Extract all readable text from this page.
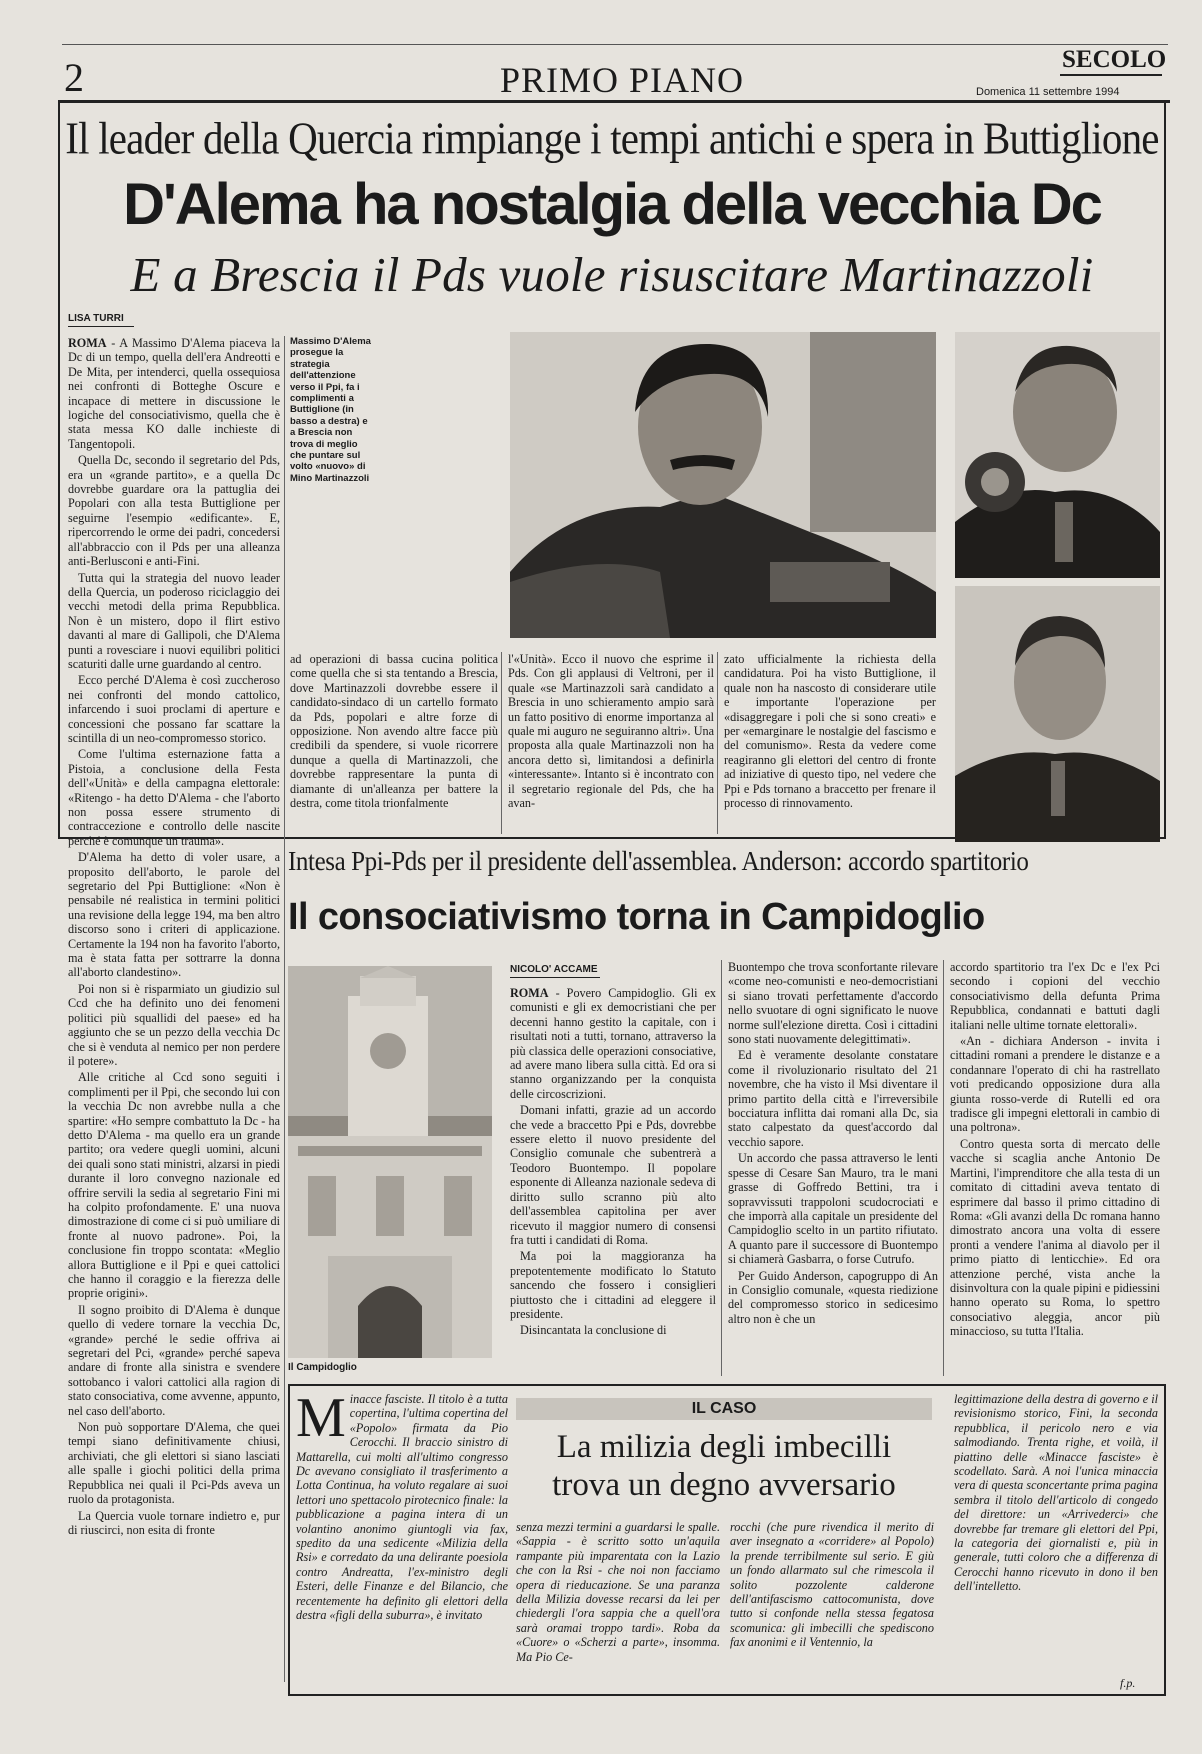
2	PRIMO PIANO
SECOLO
Domenica 11 settembre 1994
Il leader della Quercia rimpiange i tempi antichi e spera in Buttiglione
D'Alema ha nostalgia della vecchia Dc
E a Brescia il Pds vuole risuscitare Martinazzoli
LISA TURRI

ROMA - A Massimo D'Alema piaceva la Dc di un tempo, quella dell'era Andreotti e De Mita, per intenderci, quella ossequiosa nei confronti di Botteghe Oscure e incapace di mettere in discussione le logiche del consociativismo, quella che è stata messa KO dalle inchieste di Tangentopoli.

Quella Dc, secondo il segretario del Pds, era un «grande partito», e a quella Dc dovrebbe guardare ora la pattuglia dei Popolari con alla testa Buttiglione per seguirne l'esempio «edificante». E, ripercorrendo le orme dei padri, concedersi all'abbraccio con il Pds per una alleanza anti-Berlusconi e anti-Fini.

Tutta qui la strategia del nuovo leader della Quercia, un poderoso riciclaggio dei vecchi metodi della prima Repubblica. Non è un mistero, dopo il flirt estivo davanti al mare di Gallipoli, che D'Alema punti a rovesciare i nuovi equilibri politici scaturiti dalle urne guardando al centro.

Ecco perché D'Alema è così zuccheroso nei confronti del mondo cattolico, infarcendo i suoi proclami di aperture e concessioni che possano far scattare la scintilla di un neo-compromesso storico.

Come l'ultima esternazione fatta a Pistoia, a conclusione della Festa dell'«Unità» e della campagna elettorale: «Ritengo - ha detto D'Alema - che l'aborto non possa essere strumento di contraccezione e controllo delle nascite perché è comunque un trauma».

D'Alema ha detto di voler usare, a proposito dell'aborto, le parole del segretario del Ppi Buttiglione: «Non è pensabile né realistica in termini politici una revisione della legge 194, ma ben altro discorso sono i criteri di applicazione. Certamente la 194 non ha favorito l'aborto, ma è stata fatta per sottrarre la donna all'aborto clandestino».

Poi non si è risparmiato un giudizio sul Ccd che ha definito uno dei fenomeni politici più squallidi del paese» ed ha aggiunto che se un pezzo della vecchia Dc che si è venduta al nemico per non perdere il potere».

Alle critiche al Ccd sono seguiti i complimenti per il Ppi, che secondo lui con la vecchia Dc non avrebbe nulla a che spartire: «Ho sempre combattuto la Dc - ha detto D'Alema - ma quello era un grande partito; ora vedere quegli uomini, alcuni dei quali sono stati ministri, alzarsi in piedi durante il loro convegno nazionale ed offrire servili la sedia al segretario Fini mi ha colpito profondamente. E' una nuova dimostrazione di come ci si può umiliare di fronte al nuovo padrone». Poi, la conclusione fin troppo scontata: «Meglio allora Buttiglione e il Ppi e quei cattolici che hanno il coraggio e la fierezza delle proprie origini».

Il sogno proibito di D'Alema è dunque quello di vedere tornare la vecchia Dc, «grande» perché le sedie offriva ai segretari del Pci, «grande» perché sapeva andare di fronte alla sinistra e svendere sottobanco i valori cattolici alla ragion di stato consociativa, come avvenne, appunto, nel caso dell'aborto.

Non può sopportare D'Alema, che quei tempi siano definitivamente chiusi, archiviati, che gli elettori si siano lasciati alle spalle i giochi politici della prima Repubblica nei quali il Pci-Pds aveva un ruolo da protagonista.

La Quercia vuole tornare indietro e, pur di riuscirci, non esita di fronte

Massimo D'Alema prosegue la strategia dell'attenzione verso il Ppi, fa i complimenti a Buttiglione (in basso a destra) e a Brescia non trova di meglio che puntare sul volto «nuovo» di Mino Martinazzoli
ad operazioni di bassa cucina politica come quella che si sta tentando a Brescia, dove Martinazzoli dovrebbe essere il candidato-sindaco di un cartello formato da Pds, popolari e altre forze di opposizione. Non avendo altre facce più credibili da spendere, si vuole ricorrere dunque a quella di Martinazzoli, che dovrebbe rappresentare la punta di diamante di un'alleanza per battere la destra, come titola trionfalmente
l'«Unità». Ecco il nuovo che esprime il Pds. Con gli applausi di Veltroni, per il quale «se Martinazzoli sarà candidato a Brescia in uno schieramento ampio sarà un fatto positivo di enorme importanza al quale mi auguro ne seguiranno altri». Una proposta alla quale Martinazzoli non ha ancora detto sì, limitandosi a definirla «interessante». Intanto si è incontrato con il segretario regionale del Pds, che ha avan-
zato ufficialmente la richiesta della candidatura. Poi ha visto Buttiglione, il quale non ha nascosto di considerare utile e importante l'operazione per «disaggregare i poli che si sono creati» e per «emarginare le nostalgie del fascismo e del comunismo». Resta da vedere come reagiranno gli elettori del centro di fronte ad iniziative di questo tipo, nel vedere che Ppi e Pds tornano a braccetto per frenare il processo di rinnovamento.
Intesa Ppi-Pds per il presidente dell'assemblea. Anderson: accordo spartitorio
Il consociativismo torna in Campidoglio
Il Campidoglio
NICOLO' ACCAME

ROMA - Povero Campidoglio. Gli ex comunisti e gli ex democristiani che per decenni hanno gestito la capitale, con i risultati noti a tutti, tornano, attraverso la più classica delle operazioni consociative, ad avere mano libera sulla città. Ed ora si stanno organizzando per la conquista delle circoscrizioni.

Domani infatti, grazie ad un accordo che vede a braccetto Ppi e Pds, dovrebbe essere eletto il nuovo presidente del Consiglio comunale che subentrerà a Teodoro Buontempo. Il popolare esponente di Alleanza nazionale sedeva di diritto sullo scranno più alto dell'assemblea capitolina per aver ricevuto il maggior numero di consensi fra tutti i candidati di Roma.

Ma poi la maggioranza ha prepotentemente modificato lo Statuto sancendo che fossero i consiglieri piuttosto che i cittadini ad eleggere il presidente.

Disincantata la conclusione di

Buontempo che trova sconfortante rilevare «come neo-comunisti e neo-democristiani si siano trovati perfettamente d'accordo nello svuotare di ogni significato le nuove norme sull'elezione diretta. Così i cittadini sono stati nuovamente delegittimati».

Ed è veramente desolante constatare come il rivoluzionario risultato del 21 novembre, che ha visto il Msi diventare il primo partito della città e l'irreversibile bocciatura inflitta dai romani alla Dc, sia stato calpestato da quest'accordo dal vecchio sapore.

Un accordo che passa attraverso le lenti spesse di Cesare San Mauro, tra le mani grasse di Goffredo Bettini, tra i sopravvissuti trappoloni scudocrociati e che imporrà alla capitale un presidente del Campidoglio scelto in un partito rifiutato. A quanto pare il successore di Buontempo si chiamerà Gasbarra, o forse Cutrufo.

Per Guido Anderson, capogruppo di An in Consiglio comunale, «questa riedizione del compromesso storico in sedicesimo altro non è che un

accordo spartitorio tra l'ex Dc e l'ex Pci secondo i copioni del vecchio consociativismo della defunta Prima Repubblica, condannati e battuti dagli italiani nelle ultime tornate elettorali».

«An - dichiara Anderson - invita i cittadini romani a prendere le distanze e a condannare l'operato di chi ha rastrellato voti predicando opposizione dura alla giunta rosso-verde di Rutelli ed ora tradisce gli impegni elettorali in cambio di una poltrona».

Contro questa sorta di mercato delle vacche si scaglia anche Antonio De Martini, l'imprenditore che alla testa di un comitato di cittadini aveva tentato di esprimere dal basso il primo cittadino di Roma: «Gli avanzi della Dc romana hanno dimostrato ancora una volta di essere pronti a vendere l'anima al diavolo per il primo piatto di lenticchie». Ed ora attenzione perché, vista anche la disinvoltura con la quale pipini e pidiessini hanno operato su Roma, lo spettro consociativo aleggia, ancor più minaccioso, su tutta l'Italia.

Minacce fasciste. Il titolo è a tutta copertina, l'ultima copertina del «Popolo» firmata da Pio Cerocchi. Il braccio sinistro di Mattarella, cui molti all'ultimo congresso Dc avevano consigliato il trasferimento a Lotta Continua, ha voluto regalare ai suoi lettori uno spettacolo pirotecnico finale: la pubblicazione a pagina intera di un volantino anonimo giuntogli via fax, spedito da una sedicente «Milizia della Rsi» e corredato da una delirante poesiola contro Andreatta, l'ex-ministro degli Esteri, delle Finanze e del Bilancio, che recentemente ha definito gli elettori della destra «figli della suburra», è invitato
IL CASO
La milizia degli imbecilli
trova un degno avversario
senza mezzi termini a guardarsi le spalle. «Sappia - è scritto sotto un'aquila rampante più imparentata con la Lazio che con la Rsi - che noi non facciamo opera di rieducazione. Se una paranza della Milizia dovesse recarsi da lei per chiedergli l'ora sappia che a quell'ora sarà oramai troppo tardi». Roba da «Cuore» o «Scherzi a parte», insomma. Ma Pio Ce-
rocchi (che pure rivendica il merito di aver insegnato a «corridere» al Popolo) la prende terribilmente sul serio. E giù un fondo allarmato sul che rimescola il solito pozzolente calderone dell'antifascismo cattocomunista, dove tutto si confonde nella stessa fegatosa scomunica: gli imbecilli che spediscono fax anonimi e il Ventennio, la
legittimazione della destra di governo e il revisionismo storico, Fini, la seconda repubblica, il pericolo nero e via salmodiando. Trenta righe, et voilà, il piattino delle «Minacce fasciste» è scodellato. Sarà. A noi l'unica minaccia vera di questa sconcertante prima pagina sembra il titolo dell'articolo di congedo del direttore: un «Arrivederci» che dovrebbe far tremare gli elettori del Ppi, la categoria dei giornalisti e, più in generale, tutti coloro che a differenza di Cerocchi hanno ricevuto in dono il ben dell'intelletto.
f.p.
